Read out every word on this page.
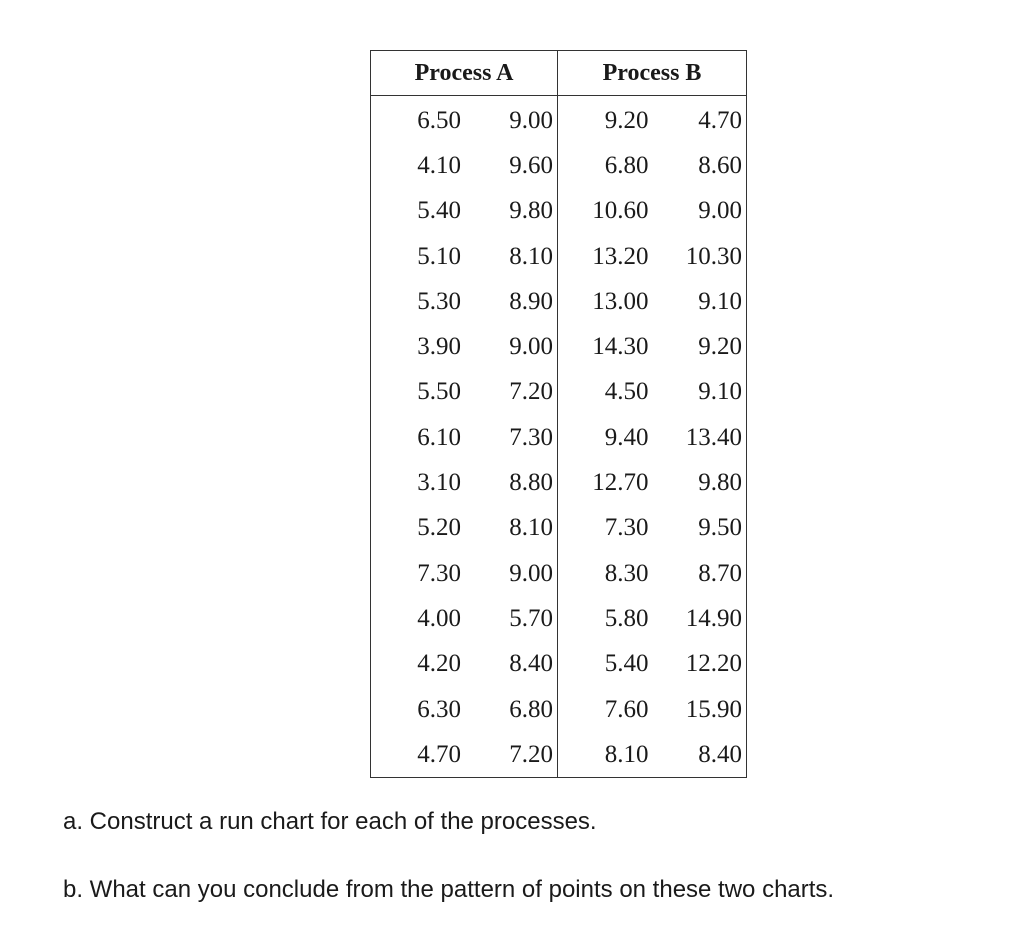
Process A		Process B	
6.50	9.00	9.20	4.70
4.10	9.60	6.80	8.60
5.40	9.80	10.60	9.00
5.10	8.10	13.20	10.30
5.30	8.90	13.00	9.10
3.90	9.00	14.30	9.20
5.50	7.20	4.50	9.10
6.10	7.30	9.40	13.40
3.10	8.80	12.70	9.80
5.20	8.10	7.30	9.50
7.30	9.00	8.30	8.70
4.00	5.70	5.80	14.90
4.20	8.40	5.40	12.20
6.30	6.80	7.60	15.90
4.70	7.20	8.10	8.40

a. Construct a run chart for each of the processes.

b. What can you conclude from the pattern of points on these two charts.
